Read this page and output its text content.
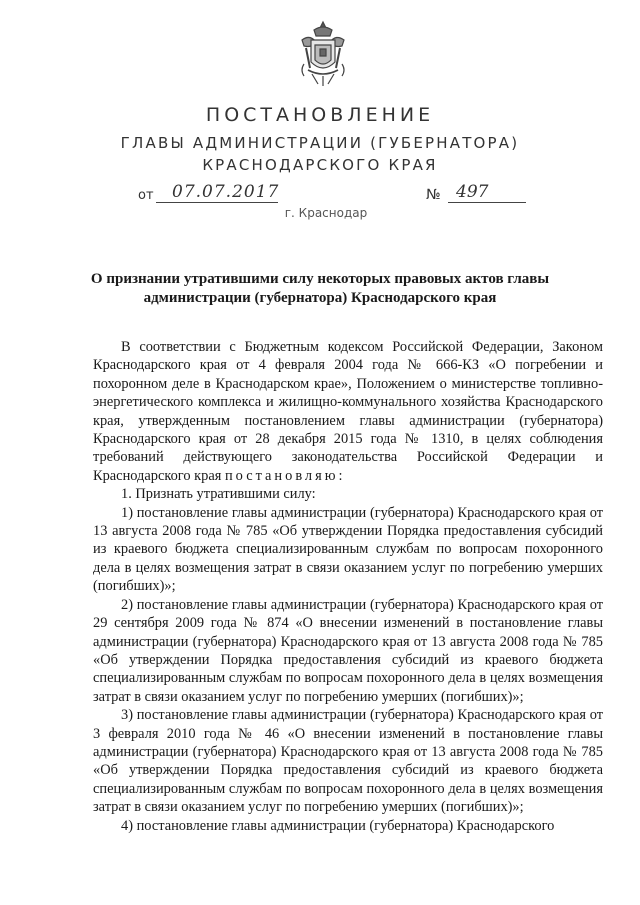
ПОСТАНОВЛЕНИЕ
ГЛАВЫ АДМИНИСТРАЦИИ (ГУБЕРНАТОРА)
КРАСНОДАРСКОГО КРАЯ
от 07.07.2017	№ 497
г. Краснодар
О признании утратившими силу некоторых правовых актов главы администрации (губернатора) Краснодарского края

В соответствии с Бюджетным кодексом Российской Федерации, Законом Краснодарского края от 4 февраля 2004 года № 666-КЗ «О погребении и похоронном деле в Краснодарском крае», Положением о министерстве топливно-энергетического комплекса и жилищно-коммунального хозяйства Краснодарского края, утвержденным постановлением главы администрации (губернатора) Краснодарского края от 28 декабря 2015 года № 1310, в целях соблюдения требований действующего законодательства Российской Федерации и Краснодарского края постановляю:

1. Признать утратившими силу:

1) постановление главы администрации (губернатора) Краснодарского края от 13 августа 2008 года № 785 «Об утверждении Порядка предоставления субсидий из краевого бюджета специализированным службам по вопросам похоронного дела в целях возмещения затрат в связи оказанием услуг по погребению умерших (погибших)»;

2) постановление главы администрации (губернатора) Краснодарского края от 29 сентября 2009 года № 874 «О внесении изменений в постановление главы администрации (губернатора) Краснодарского края от 13 августа 2008 года № 785 «Об утверждении Порядка предоставления субсидий из краевого бюджета специализированным службам по вопросам похоронного дела в целях возмещения затрат в связи оказанием услуг по погребению умерших (погибших)»;

3) постановление главы администрации (губернатора) Краснодарского края от 3 февраля 2010 года № 46 «О внесении изменений в постановление главы администрации (губернатора) Краснодарского края от 13 августа 2008 года № 785 «Об утверждении Порядка предоставления субсидий из краевого бюджета специализированным службам по вопросам похоронного дела в целях возмещения затрат в связи оказанием услуг по погребению умерших (погибших)»;

4) постановление главы администрации (губернатора) Краснодарского
